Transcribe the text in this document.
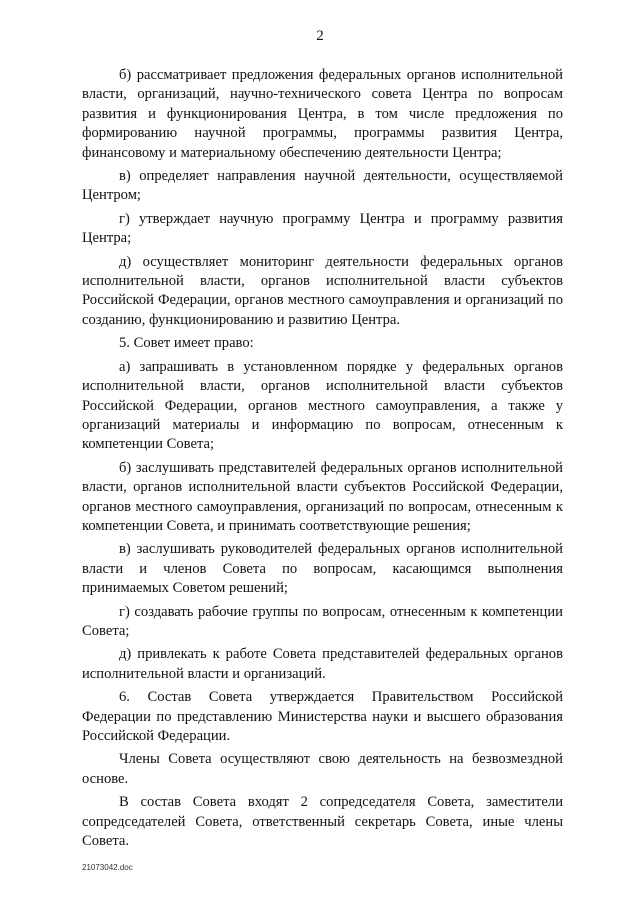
2

б) рассматривает предложения федеральных органов исполнительной власти, организаций, научно-технического совета Центра по вопросам развития и функционирования Центра, в том числе предложения по формированию научной программы, программы развития Центра, финансовому и материальному обеспечению деятельности Центра;

в) определяет направления научной деятельности, осуществляемой Центром;

г) утверждает научную программу Центра и программу развития Центра;

д) осуществляет мониторинг деятельности федеральных органов исполнительной власти, органов исполнительной власти субъектов Российской Федерации, органов местного самоуправления и организаций по созданию, функционированию и развитию Центра.

5. Совет имеет право:

а) запрашивать в установленном порядке у федеральных органов исполнительной власти, органов исполнительной власти субъектов Российской Федерации, органов местного самоуправления, а также у организаций материалы и информацию по вопросам, отнесенным к компетенции Совета;

б) заслушивать представителей федеральных органов исполнительной власти, органов исполнительной власти субъектов Российской Федерации, органов местного самоуправления, организаций по вопросам, отнесенным к компетенции Совета, и принимать соответствующие решения;

в) заслушивать руководителей федеральных органов исполнительной власти и членов Совета по вопросам, касающимся выполнения принимаемых Советом решений;

г) создавать рабочие группы по вопросам, отнесенным к компетенции Совета;

д) привлекать к работе Совета представителей федеральных органов исполнительной власти и организаций.

6. Состав Совета утверждается Правительством Российской Федерации по представлению Министерства науки и высшего образования Российской Федерации.

Члены Совета осуществляют свою деятельность на безвозмездной основе.

В состав Совета входят 2 сопредседателя Совета, заместители сопредседателей Совета, ответственный секретарь Совета, иные члены Совета.

21073042.doc
